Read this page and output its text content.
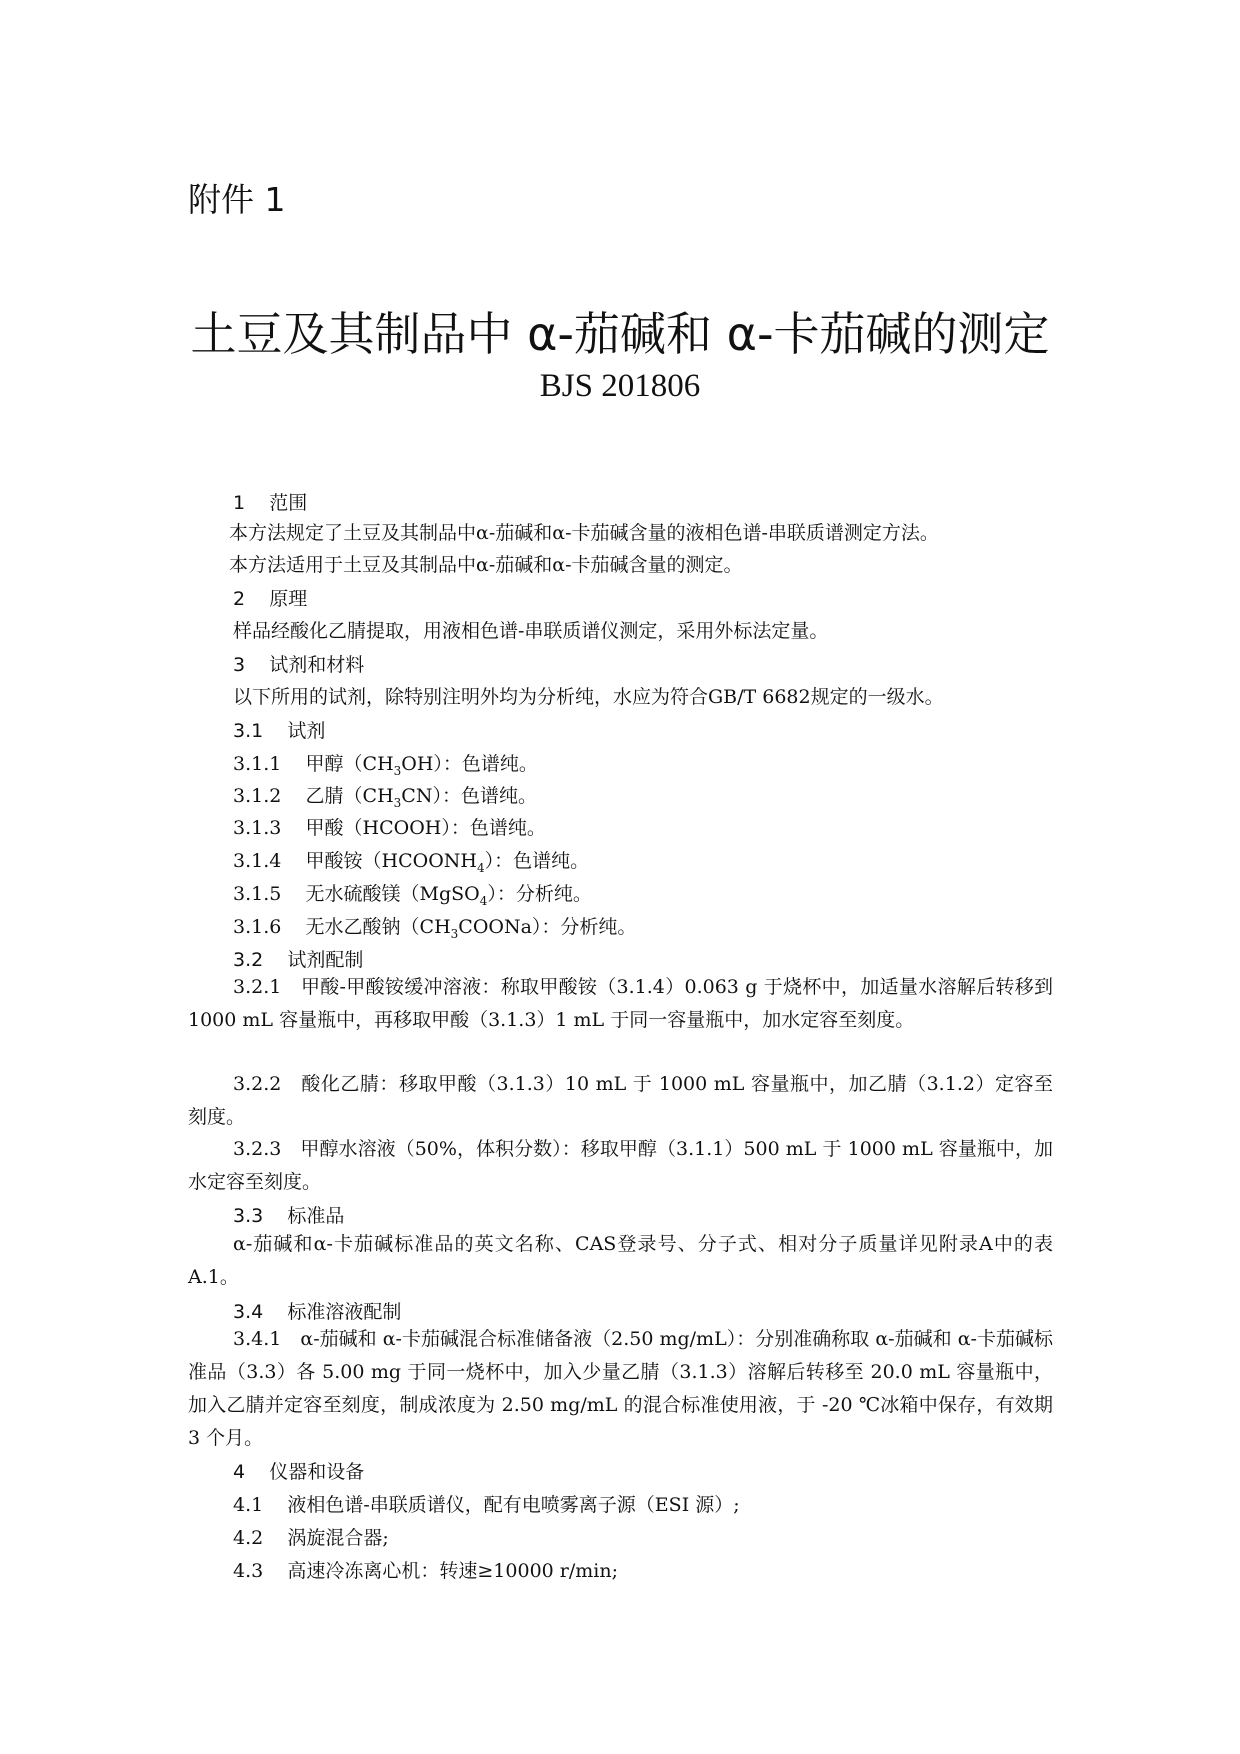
附件 1
土豆及其制品中 α-茄碱和 α-卡茄碱的测定
BJS 201806
1 范围
本方法规定了土豆及其制品中α-茄碱和α-卡茄碱含量的液相色谱-串联质谱测定方法。
本方法适用于土豆及其制品中α-茄碱和α-卡茄碱含量的测定。
2 原理
样品经酸化乙腈提取，用液相色谱-串联质谱仪测定，采用外标法定量。
3 试剂和材料
以下所用的试剂，除特别注明外均为分析纯，水应为符合GB/T 6682规定的一级水。
3.1 试剂
3.1.1 甲醇$(CH_3OH)$：色谱纯。
3.1.2 乙腈$(CH_3CN)$：色谱纯。
3.1.3 甲酸（HCOOH）：色谱纯。
3.1.4 甲酸铵$(HCOONH_4)$：色谱纯。
3.1.5 无水硫酸镁（MgSO$_4$）：分析纯。
3.1.6 无水乙酸钠$(CH_3COONa)$：分析纯。
3.2 试剂配制
3.2.1　甲酸-甲酸铵缓冲溶液：称取甲酸铵（3.1.4）0.063 g 于烧杯中，加适量水溶解后转移到 1000 mL 容量瓶中，再移取甲酸（3.1.3）1 mL 于同一容量瓶中，加水定容至刻度。
3.2.2　酸化乙腈：移取甲酸（3.1.3）10 mL 于 1000 mL 容量瓶中，加乙腈（3.1.2）定容至刻度。
3.2.3　甲醇水溶液（50%，体积分数）：移取甲醇（3.1.1）500 mL 于 1000 mL 容量瓶中，加水定容至刻度。
3.3 标准品
α-茄碱和α-卡茄碱标准品的英文名称、CAS登录号、分子式、相对分子质量详见附录A中的表A.1。
3.4 标准溶液配制
3.4.1　α-茄碱和 α-卡茄碱混合标准储备液（2.50 mg/mL）：分别准确称取 α-茄碱和 α-卡茄碱标准品（3.3）各 5.00 mg 于同一烧杯中，加入少量乙腈（3.1.3）溶解后转移至 20.0 mL 容量瓶中，加入乙腈并定容至刻度，制成浓度为 2.50 mg/mL 的混合标准使用液，于 -20 ℃冰箱中保存，有效期 3 个月。
4 仪器和设备
4.1 液相色谱-串联质谱仪，配有电喷雾离子源（ESI 源）;
4.2 涡旋混合器;
4.3 高速冷冻离心机：转速≥10000 r/min;
